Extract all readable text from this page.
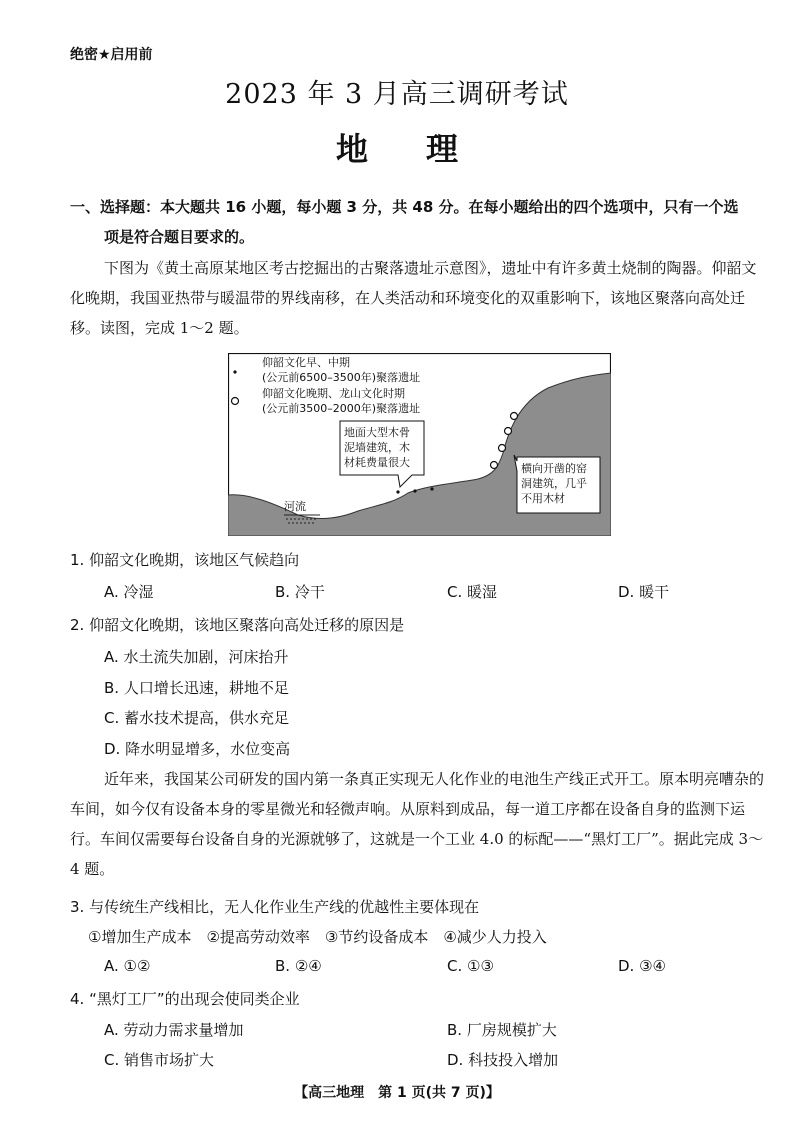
绝密★启用前
2023 年 3 月高三调研考试
地理
一、选择题：本大题共 16 小题，每小题 3 分，共 48 分。在每小题给出的四个选项中，只有一个选
项是符合题目要求的。
下图为《黄土高原某地区考古挖掘出的古聚落遗址示意图》，遗址中有许多黄土烧制的陶器。仰韶文化晚期，我国亚热带与暖温带的界线南移，在人类活动和环境变化的双重影响下，该地区聚落向高处迁移。读图，完成 1～2 题。
河流
仰韶文化早、中期
(公元前6500–3500年)聚落遗址
仰韶文化晚期、龙山文化时期
(公元前3500–2000年)聚落遗址
地面大型木骨
泥墙建筑，木
材耗费量很大	横向开凿的窑
洞建筑，几乎
不用木材
1. 仰韶文化晚期，该地区气候趋向
A. 冷湿	B. 冷干	C. 暖湿	D. 暖干
2. 仰韶文化晚期，该地区聚落向高处迁移的原因是
A. 水土流失加剧，河床抬升
B. 人口增长迅速，耕地不足
C. 蓄水技术提高，供水充足
D. 降水明显增多，水位变高
近年来，我国某公司研发的国内第一条真正实现无人化作业的电池生产线正式开工。原本明亮嘈杂的车间，如今仅有设备本身的零星微光和轻微声响。从原料到成品，每一道工序都在设备自身的监测下运行。车间仅需要每台设备自身的光源就够了，这就是一个工业 4.0 的标配——“黑灯工厂”。据此完成 3～4 题。
3. 与传统生产线相比，无人化作业生产线的优越性主要体现在
①增加生产成本　②提高劳动效率　③节约设备成本　④减少人力投入
A. ①②	B. ②④	C. ①③	D. ③④
4. “黑灯工厂”的出现会使同类企业
A. 劳动力需求量增加	B. 厂房规模扩大
C. 销售市场扩大	D. 科技投入增加
【高三地理　第 1 页(共 7 页)】
